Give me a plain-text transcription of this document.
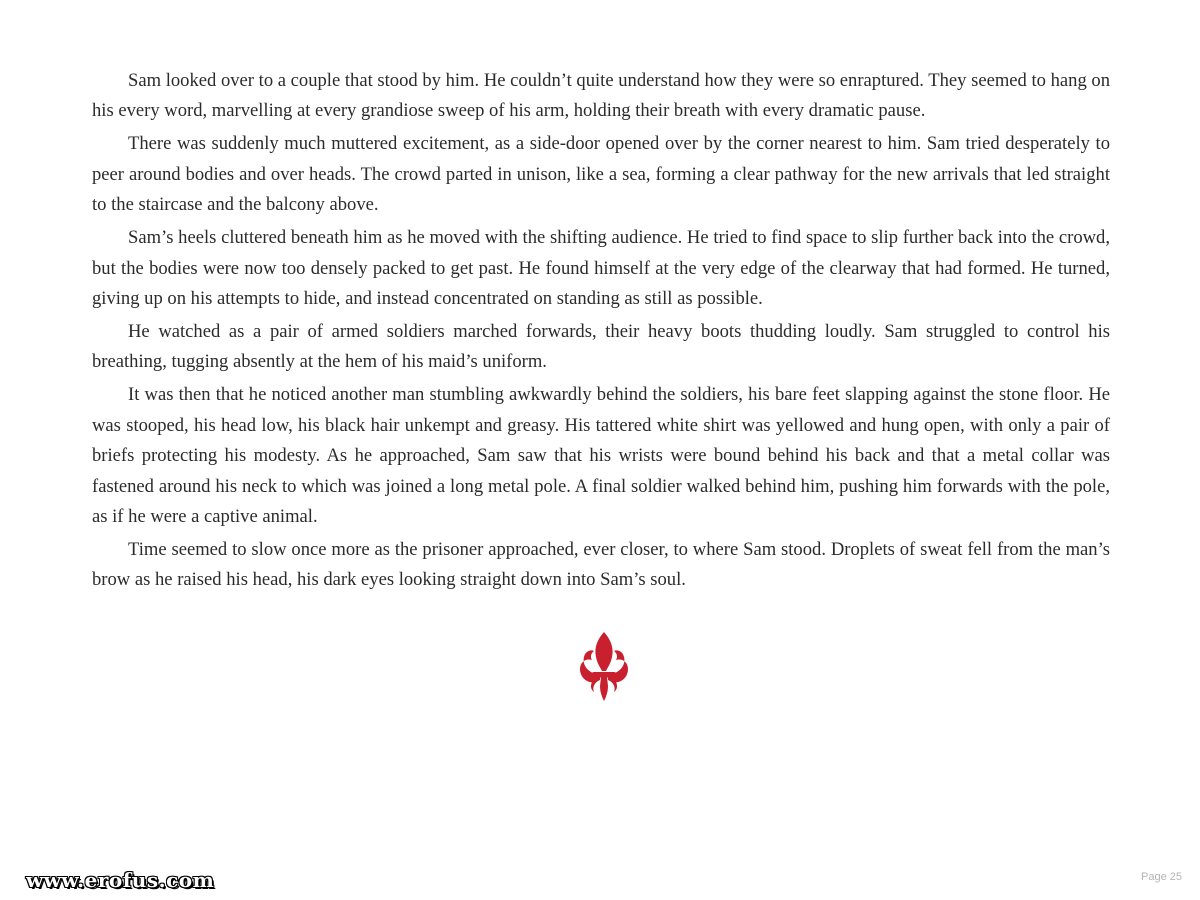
Sam looked over to a couple that stood by him. He couldn’t quite understand how they were so enraptured. They seemed to hang on his every word, marvelling at every grandiose sweep of his arm, holding their breath with every dramatic pause.

There was suddenly much muttered excitement, as a side-door opened over by the corner nearest to him. Sam tried desperately to peer around bodies and over heads. The crowd parted in unison, like a sea, forming a clear pathway for the new arrivals that led straight to the staircase and the balcony above.

Sam’s heels cluttered beneath him as he moved with the shifting audience. He tried to find space to slip further back into the crowd, but the bodies were now too densely packed to get past. He found himself at the very edge of the clearway that had formed. He turned, giving up on his attempts to hide, and instead concentrated on standing as still as possible.

He watched as a pair of armed soldiers marched forwards, their heavy boots thudding loudly. Sam struggled to control his breathing, tugging absently at the hem of his maid’s uniform.

It was then that he noticed another man stumbling awkwardly behind the soldiers, his bare feet slapping against the stone floor. He was stooped, his head low, his black hair unkempt and greasy. His tattered white shirt was yellowed and hung open, with only a pair of briefs protecting his modesty. As he approached, Sam saw that his wrists were bound behind his back and that a metal collar was fastened around his neck to which was joined a long metal pole. A final soldier walked behind him, pushing him forwards with the pole, as if he were a captive animal.

Time seemed to slow once more as the prisoner approached, ever closer, to where Sam stood. Droplets of sweat fell from the man’s brow as he raised his head, his dark eyes looking straight down into Sam’s soul.

www.erofus.com	Page 25
